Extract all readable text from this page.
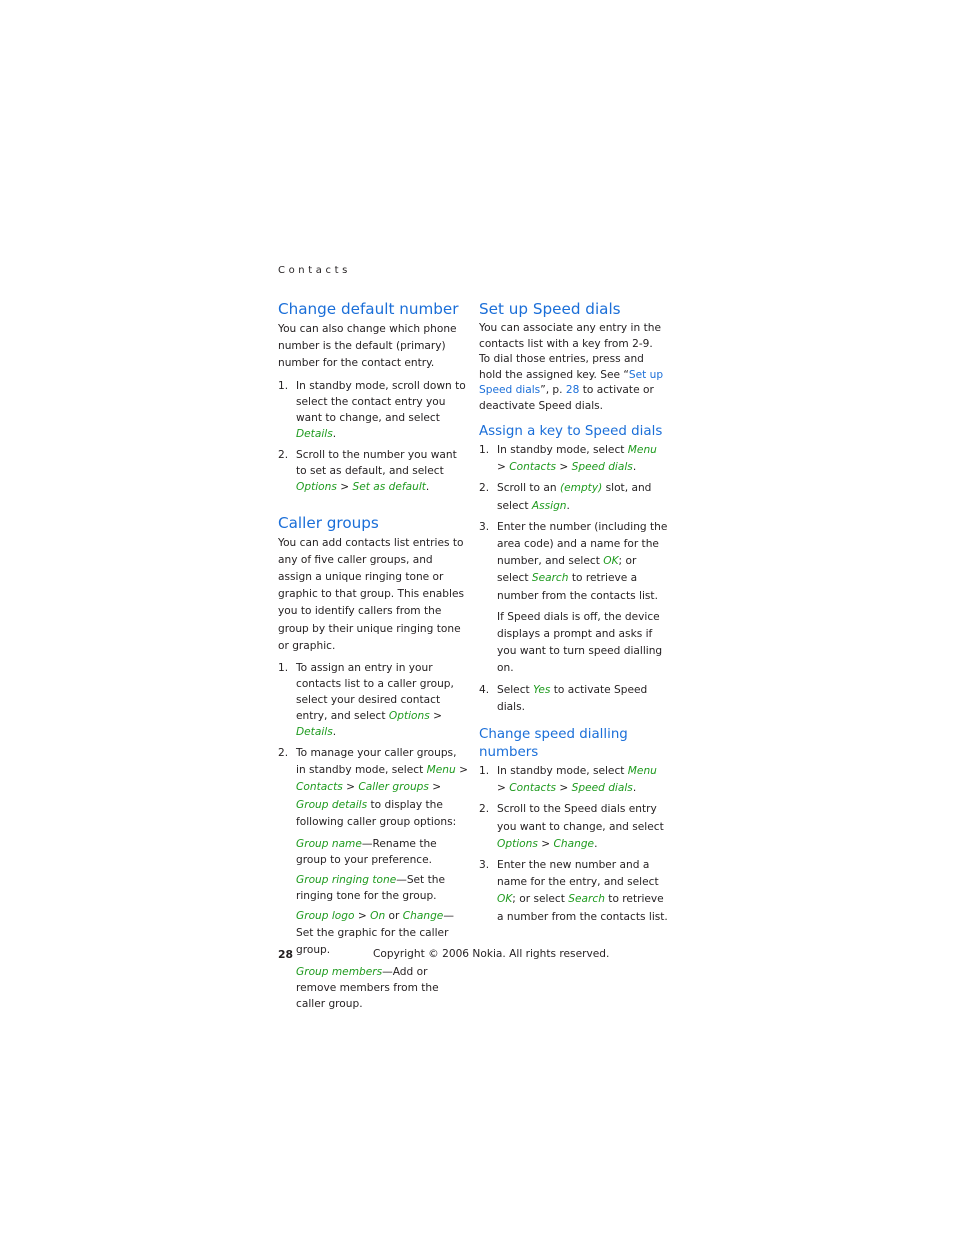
Contacts
Change default number

You can also change which phone number is the default (primary) number for the contact entry.

1. In standby mode, scroll down to select the contact entry you want to change, and select Details.
2. Scroll to the number you want to set as default, and select Options > Set as default.
Caller groups

You can add contacts list entries to any of five caller groups, and assign a unique ringing tone or graphic to that group. This enables you to identify callers from the group by their unique ringing tone or graphic.

1. To assign an entry in your contacts list to a caller group, select your desired contact entry, and select Options > Details.
2. To manage your caller groups, in standby mode, select Menu > Contacts > Caller groups > Group details to display the following caller group options:
Group name—Rename the group to your preference.
Group ringing tone—Set the ringing tone for the group.
Group logo > On or Change—Set the graphic for the caller group.
Group members—Add or remove members from the caller group.
Set up Speed dials

You can associate any entry in the contacts list with a key from 2-9.

To dial those entries, press and hold the assigned key. See “Set up Speed dials”, p. 28 to activate or deactivate Speed dials.

Assign a key to Speed dials
1. In standby mode, select Menu > Contacts > Speed dials.
2. Scroll to an (empty) slot, and select Assign.
3. Enter the number (including the area code) and a name for the number, and select OK; or select Search to retrieve a number from the contacts list.
If Speed dials is off, the device displays a prompt and asks if you want to turn speed dialling on.
4. Select Yes to activate Speed dials.
Change speed dialling numbers
1. In standby mode, select Menu > Contacts > Speed dials.
2. Scroll to the Speed dials entry you want to change, and select Options > Change.
3. Enter the new number and a name for the entry, and select OK; or select Search to retrieve a number from the contacts list.
28	Copyright © 2006 Nokia. All rights reserved.
